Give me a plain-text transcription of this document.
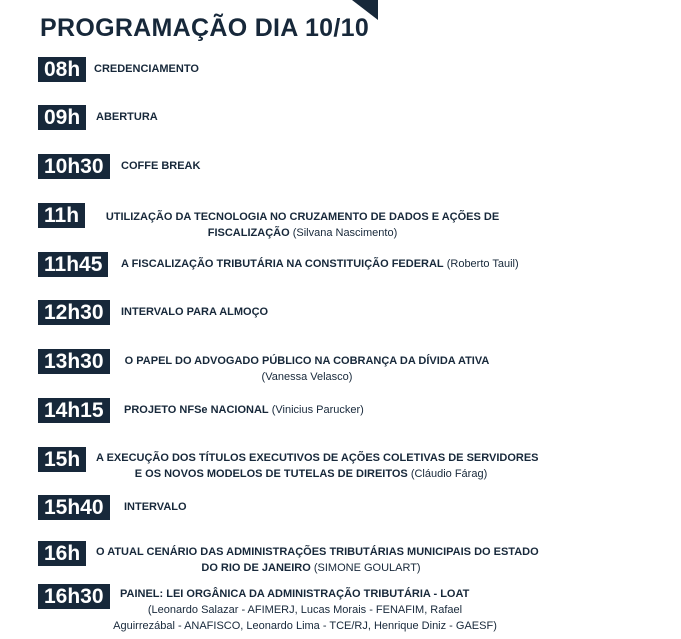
PROGRAMAÇÃO DIA 10/10
08h	CREDENCIAMENTO
09h	ABERTURA
10h30	COFFE BREAK
11h	UTILIZAÇÃO DA TECNOLOGIA NO CRUZAMENTO DE DADOS E AÇÕES DE
FISCALIZAÇÃO (Silvana Nascimento)
11h45	A FISCALIZAÇÃO TRIBUTÁRIA NA CONSTITUIÇÃO FEDERAL (Roberto Tauil)
12h30	INTERVALO PARA ALMOÇO
13h30	O PAPEL DO ADVOGADO PÚBLICO NA COBRANÇA DA DÍVIDA ATIVA
(Vanessa Velasco)
14h15	PROJETO NFSe NACIONAL (Vinicius Parucker)
15h	A EXECUÇÃO DOS TÍTULOS EXECUTIVOS DE AÇÕES COLETIVAS DE SERVIDORES
E OS NOVOS MODELOS DE TUTELAS DE DIREITOS (Cláudio Fárag)
15h40	INTERVALO
16h	O ATUAL CENÁRIO DAS ADMINISTRAÇÕES TRIBUTÁRIAS MUNICIPAIS DO ESTADO
DO RIO DE JANEIRO (SIMONE GOULART)
16h30	PAINEL: LEI ORGÂNICA DA ADMINISTRAÇÃO TRIBUTÁRIA - LOAT
(Leonardo Salazar - AFIMERJ, Lucas Morais - FENAFIM, Rafael
Aguirrezábal - ANAFISCO, Leonardo Lima - TCE/RJ, Henrique Diniz - GAESF)
